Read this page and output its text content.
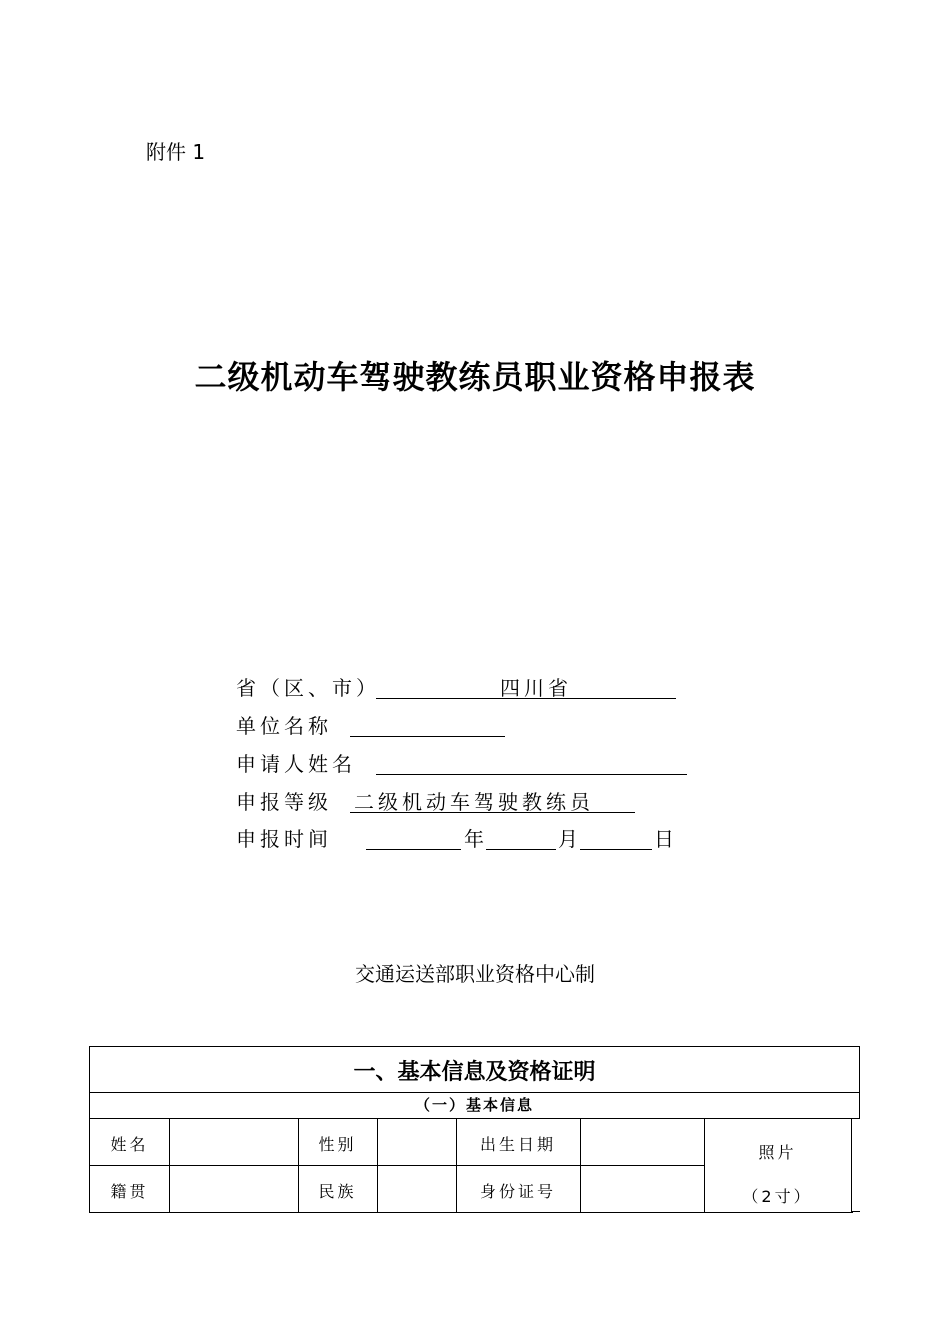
附件 1
二级机动车驾驶教练员职业资格申报表
省（区、市）	四川省
单位名称
申请人姓名
申报等级 二级机动车驾驶教练员
申报时间	年	月	日
交通运送部职业资格中心制
一、基本信息及资格证明
（一）基本信息
姓名	性别	出生日期
籍贯	民族	身份证号
照片
（2寸）
